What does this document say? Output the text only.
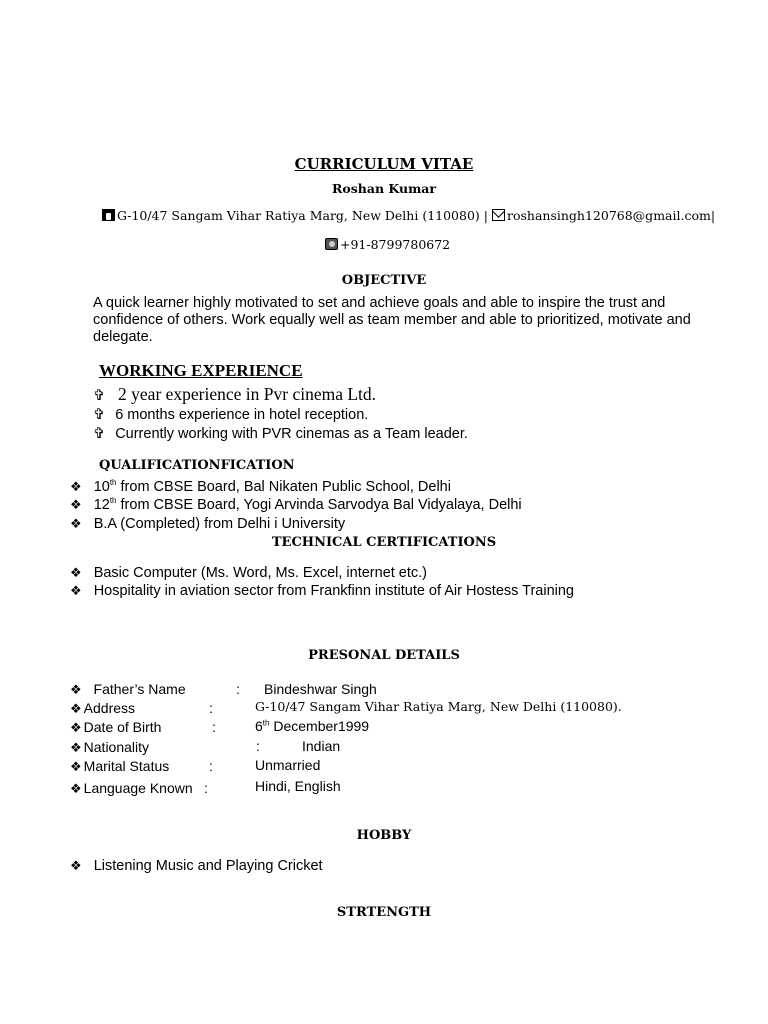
CURRICULUM VITAE
Roshan Kumar
G-10/47 Sangam Vihar Ratiya Marg, New Delhi (110080) | roshansingh120768@gmail.com|
+91-8799780672
OBJECTIVE
A quick learner highly motivated to set and achieve goals and able to inspire the trust and confidence of others. Work equally well as team member and able to prioritized, motivate and delegate.
WORKING EXPERIENCE
✞ 2 year experience in Pvr cinema Ltd.
✞ 6 months experience in hotel reception.
✞ Currently working with PVR cinemas as a Team leader.
QUALIFICATIONFICATION
❖ 10th from CBSE Board, Bal Nikaten Public School, Delhi
❖ 12th from CBSE Board, Yogi Arvinda Sarvodya Bal Vidyalaya, Delhi
❖ B.A (Completed) from Delhi i University
TECHNICAL CERTIFICATIONS
❖ Basic Computer (Ms. Word, Ms. Excel, internet etc.)
❖ Hospitality in aviation sector from Frankfinn institute of Air Hostess Training
PRESONAL DETAILS
❖ Father’s Name	: Bindeshwar Singh
❖ Address	:	G-10/47 Sangam Vihar Ratiya Marg, New Delhi (110080).
❖ Date of Birth	:	6th December1999
❖ Nationality	:	Indian
❖ Marital Status	:	Unmarried
❖ Language Known :	Hindi, English
HOBBY
❖ Listening Music and Playing Cricket
STRTENGTH
